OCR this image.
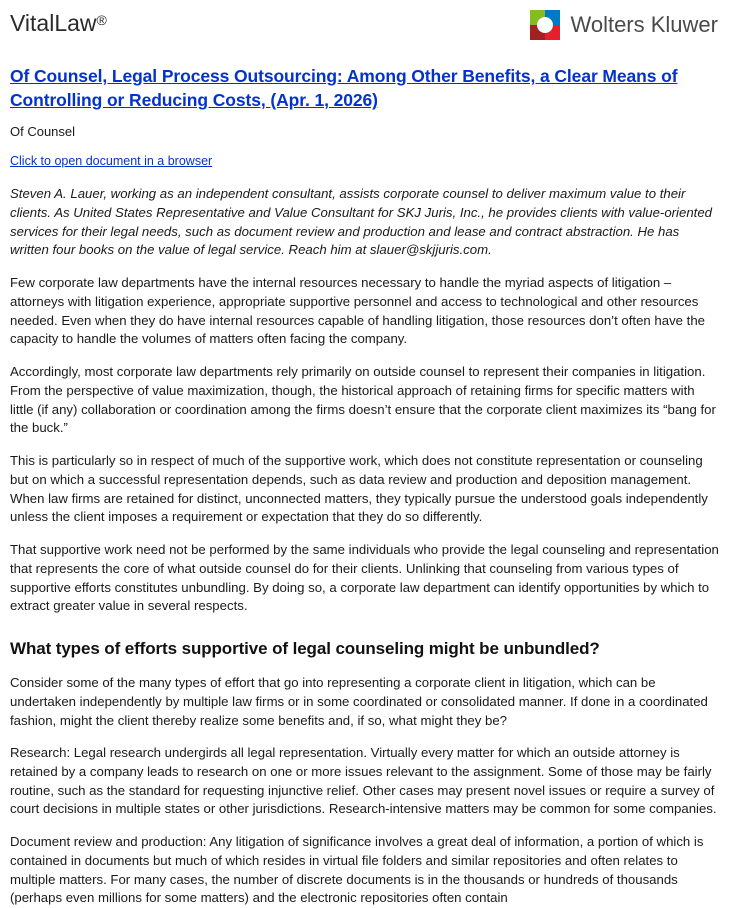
VitalLaw®	Wolters Kluwer
Of Counsel, Legal Process Outsourcing: Among Other Benefits, a Clear Means of Controlling or Reducing Costs, (Apr. 1, 2026)
Of Counsel
Click to open document in a browser
Steven A. Lauer, working as an independent consultant, assists corporate counsel to deliver maximum value to their clients. As United States Representative and Value Consultant for SKJ Juris, Inc., he provides clients with value-oriented services for their legal needs, such as document review and production and lease and contract abstraction. He has written four books on the value of legal service. Reach him at slauer@skjjuris.com.

Few corporate law departments have the internal resources necessary to handle the myriad aspects of litigation – attorneys with litigation experience, appropriate supportive personnel and access to technological and other resources needed. Even when they do have internal resources capable of handling litigation, those resources don’t often have the capacity to handle the volumes of matters often facing the company.

Accordingly, most corporate law departments rely primarily on outside counsel to represent their companies in litigation. From the perspective of value maximization, though, the historical approach of retaining firms for specific matters with little (if any) collaboration or coordination among the firms doesn’t ensure that the corporate client maximizes its “bang for the buck.”

This is particularly so in respect of much of the supportive work, which does not constitute representation or counseling but on which a successful representation depends, such as data review and production and deposition management. When law firms are retained for distinct, unconnected matters, they typically pursue the understood goals independently unless the client imposes a requirement or expectation that they do so differently.

That supportive work need not be performed by the same individuals who provide the legal counseling and representation that represents the core of what outside counsel do for their clients. Unlinking that counseling from various types of supportive efforts constitutes unbundling. By doing so, a corporate law department can identify opportunities by which to extract greater value in several respects.

What types of efforts supportive of legal counseling might be unbundled?

Consider some of the many types of effort that go into representing a corporate client in litigation, which can be undertaken independently by multiple law firms or in some coordinated or consolidated manner. If done in a coordinated fashion, might the client thereby realize some benefits and, if so, what might they be?

Research: Legal research undergirds all legal representation. Virtually every matter for which an outside attorney is retained by a company leads to research on one or more issues relevant to the assignment. Some of those may be fairly routine, such as the standard for requesting injunctive relief. Other cases may present novel issues or require a survey of court decisions in multiple states or other jurisdictions. Research-intensive matters may be common for some companies.

Document review and production: Any litigation of significance involves a great deal of information, a portion of which is contained in documents but much of which resides in virtual file folders and similar repositories and often relates to multiple matters. For many cases, the number of discrete documents is in the thousands or hundreds of thousands (perhaps even millions for some matters) and the electronic repositories often contain
